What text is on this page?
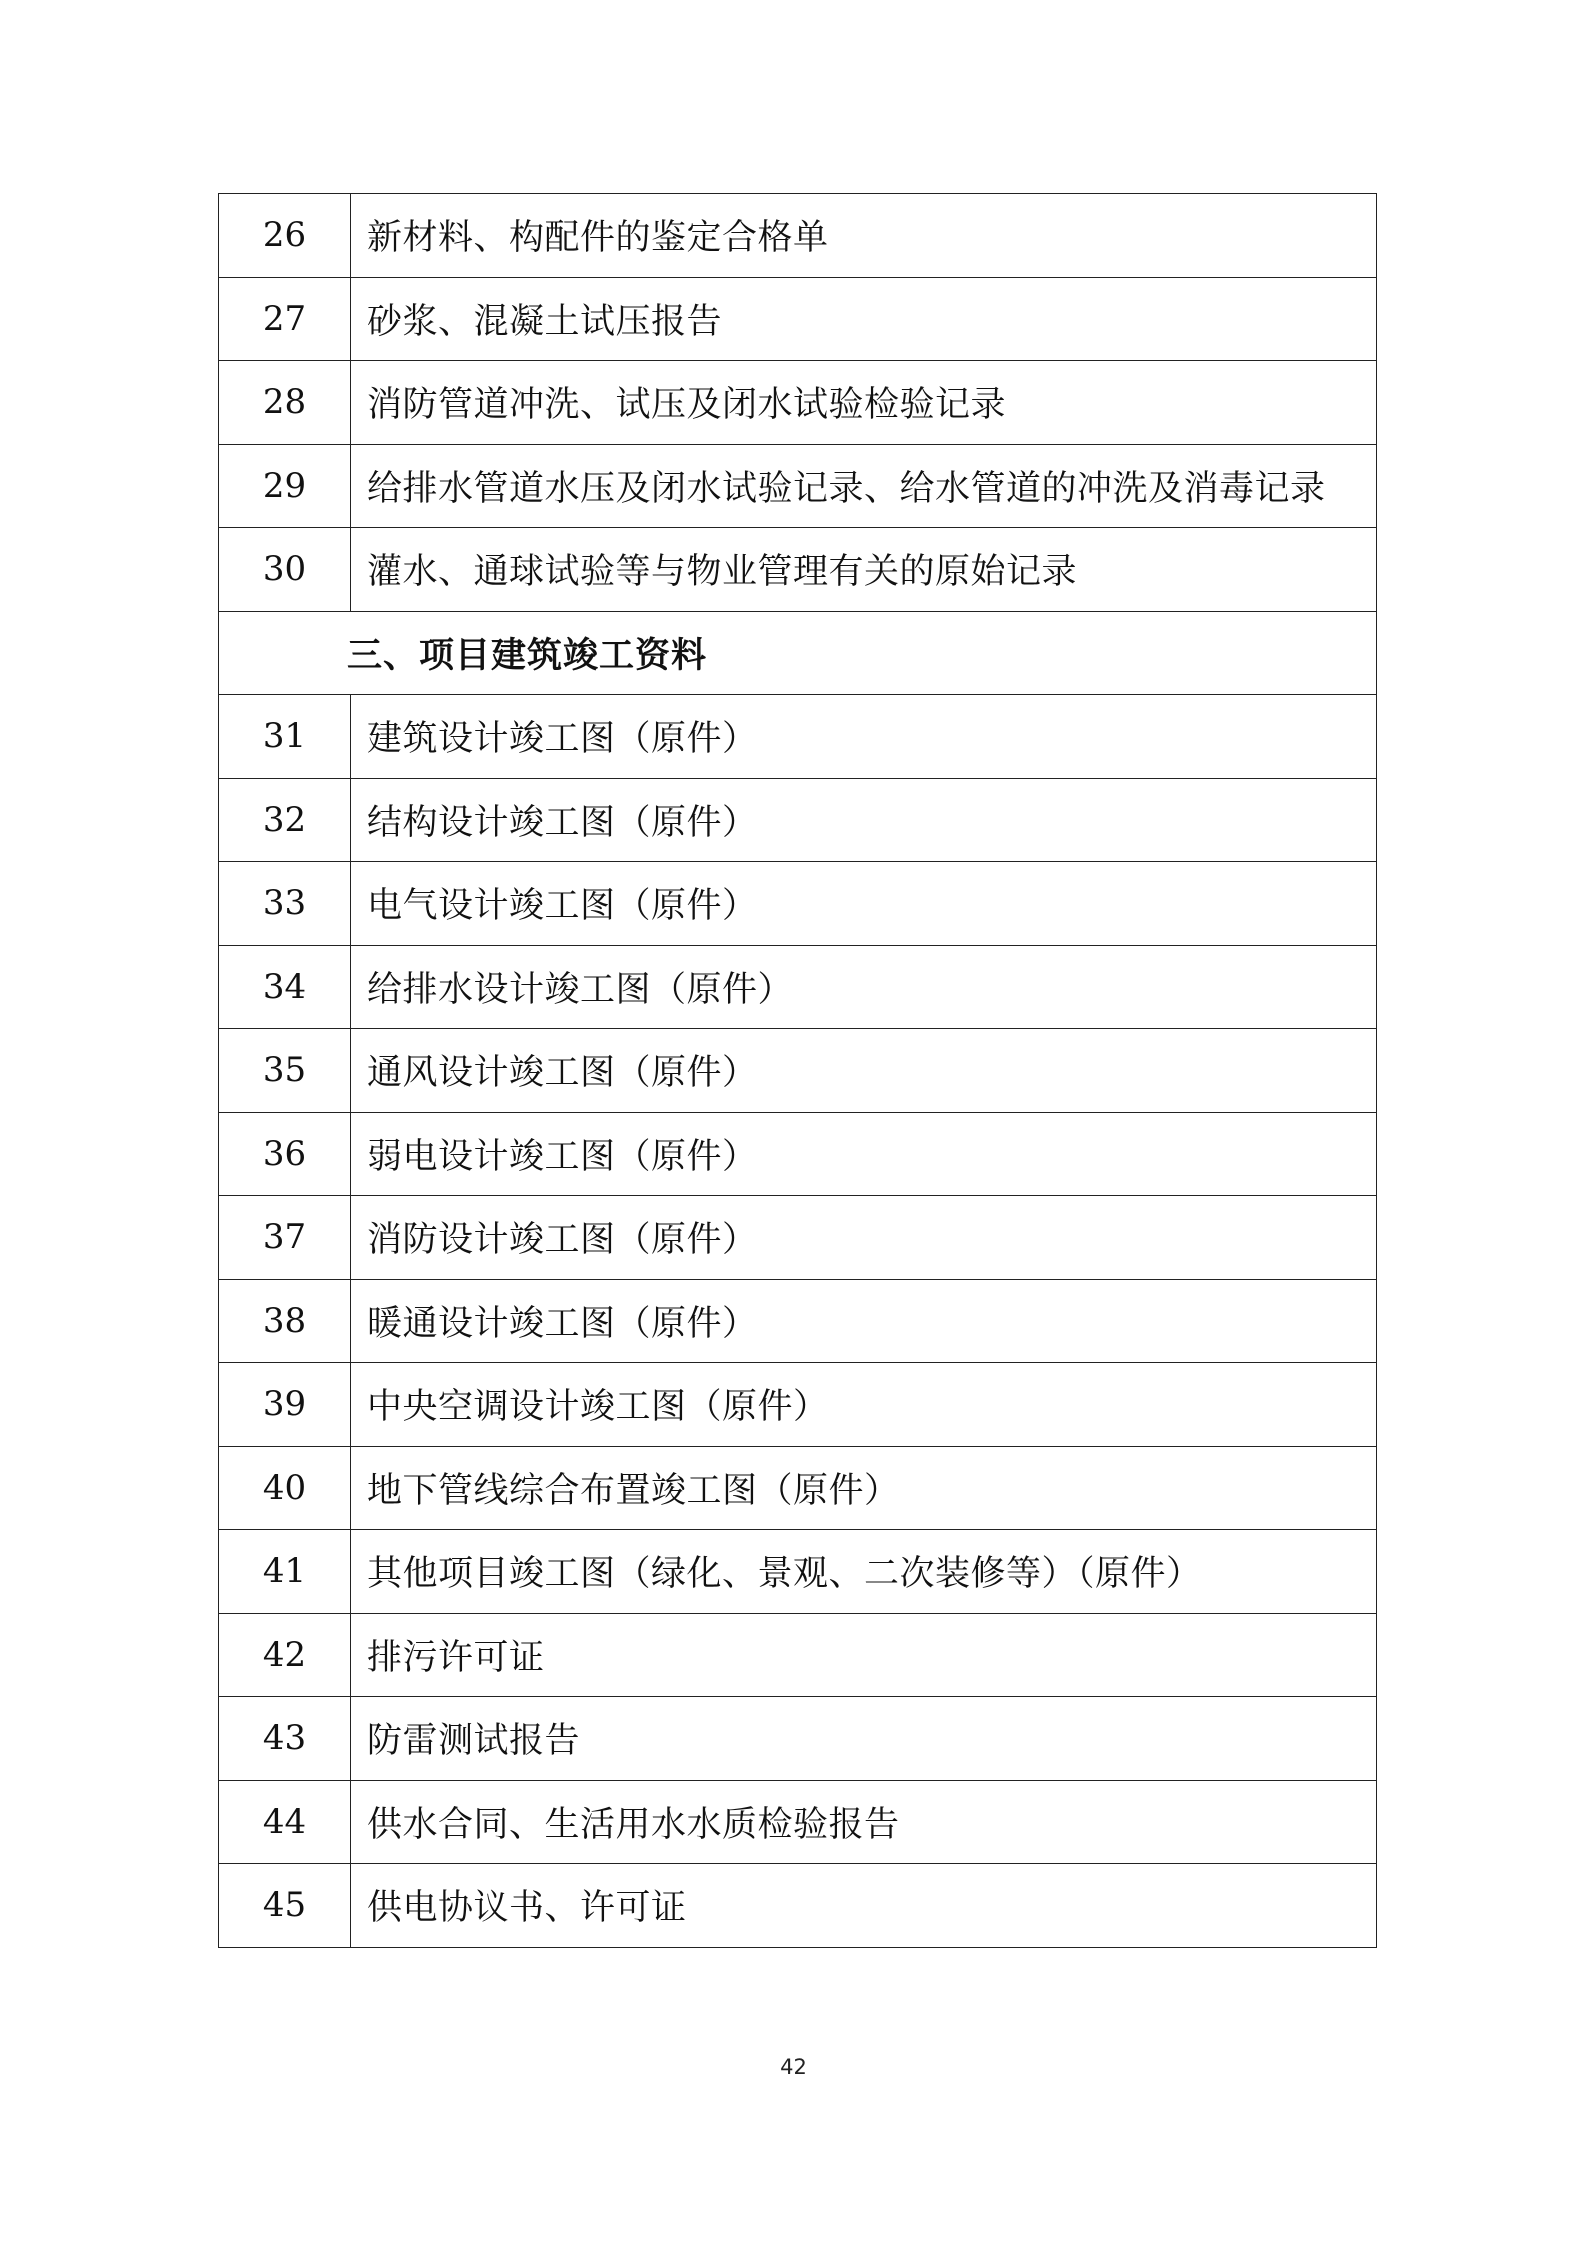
26	新材料、构配件的鉴定合格单
27	砂浆、混凝土试压报告
28	消防管道冲洗、试压及闭水试验检验记录
29	给排水管道水压及闭水试验记录、给水管道的冲洗及消毒记录
30	灌水、通球试验等与物业管理有关的原始记录
三、项目建筑竣工资料	
31	建筑设计竣工图（原件）
32	结构设计竣工图（原件）
33	电气设计竣工图（原件）
34	给排水设计竣工图（原件）
35	通风设计竣工图（原件）
36	弱电设计竣工图（原件）
37	消防设计竣工图（原件）
38	暖通设计竣工图（原件）
39	中央空调设计竣工图（原件）
40	地下管线综合布置竣工图（原件）
41	其他项目竣工图（绿化、景观、二次装修等）（原件）
42	排污许可证
43	防雷测试报告
44	供水合同、生活用水水质检验报告
45	供电协议书、许可证
42
